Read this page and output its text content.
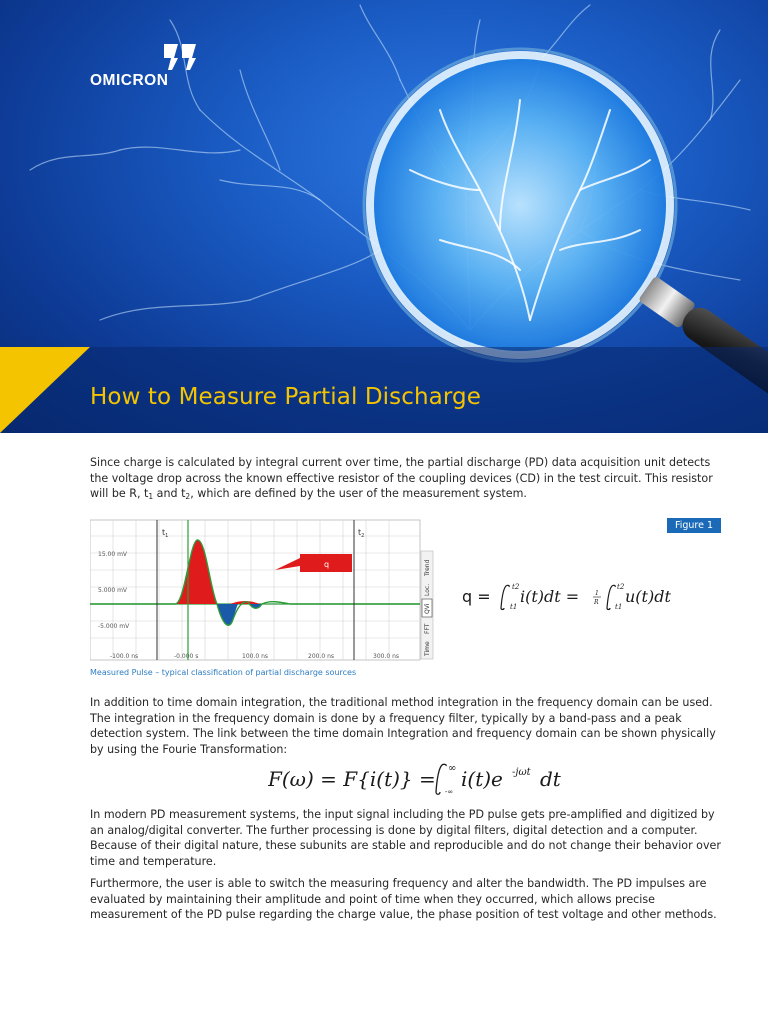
OMICRON
How to Measure Partial Discharge

Since charge is calculated by integral current over time, the partial discharge (PD) data acquisition unit detects the voltage drop across the known effective resistor of the coupling devices (CD) in the test circuit. This resistor will be R, $t_1$ and $t_2$, which are defined by the user of the measurement system.

Figure 1
15.00 mV
5.000 mV
-5.000 mV
-100.0 ns	-0.000 s	100.0 ns	200.0 ns	300.0 ns
$t_1$	$t_2$
q	Trend
Loc.
QVi
FFT
Time
q =	t2
t1
i(t)dt =	1
R
t2
t1
u(t)dt
Measured Pulse – typical classification of partial discharge sources

In addition to time domain integration, the traditional method integration in the frequency domain can be used. The integration in the frequency domain is done by a frequency filter, typically by a band-pass and a peak detection system. The link between the time domain Integration and frequency domain can be shown physically by using the Fourie Transformation:

F(ω) = F{i(t)} = ∞
-∞
i(t)e -jωt dt

In modern PD measurement systems, the input signal including the PD pulse gets pre-amplified and digitized by an analog/digital converter. The further processing is done by digital filters, digital detection and a computer. Because of their digital nature, these subunits are stable and reproducible and do not change their behavior over time and temperature.

Furthermore, the user is able to switch the measuring frequency and alter the bandwidth. The PD impulses are evaluated by maintaining their amplitude and point of time when they occurred, which allows precise measurement of the PD pulse regarding the charge value, the phase position of test voltage and other methods.
